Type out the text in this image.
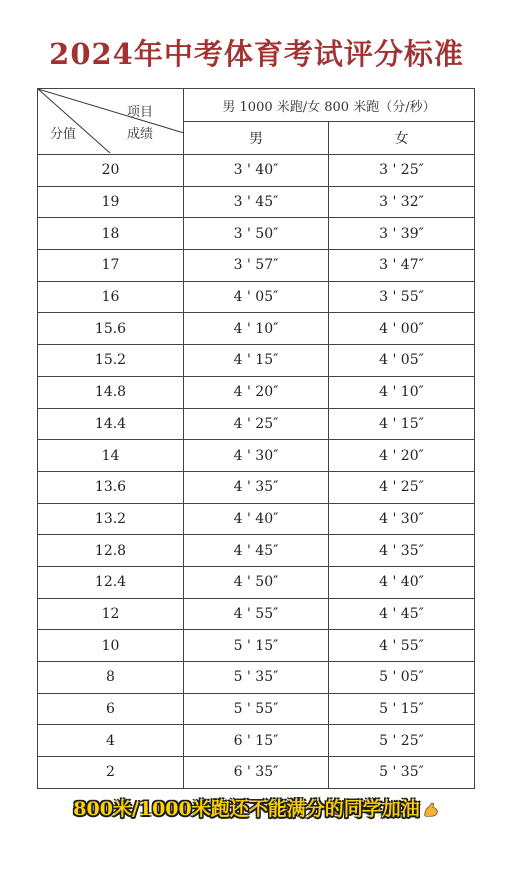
2024年中考体育考试评分标准
项目
分值 成绩	男 1000 米跑/女 800 米跑（分/秒）	
	男	女
20	3 ' 40″	3 ' 25″
19	3 ' 45″	3 ' 32″
18	3 ' 50″	3 ' 39″
17	3 ' 57″	3 ' 47″
16	4 ' 05″	3 ' 55″
15.6	4 ' 10″	4 ' 00″
15.2	4 ' 15″	4 ' 05″
14.8	4 ' 20″	4 ' 10″
14.4	4 ' 25″	4 ' 15″
14	4 ' 30″	4 ' 20″
13.6	4 ' 35″	4 ' 25″
13.2	4 ' 40″	4 ' 30″
12.8	4 ' 45″	4 ' 35″
12.4	4 ' 50″	4 ' 40″
12	4 ' 55″	4 ' 45″
10	5 ' 15″	4 ' 55″
8	5 ' 35″	5 ' 05″
6	5 ' 55″	5 ' 15″
4	6 ' 15″	5 ' 25″
2	6 ' 35″	5 ' 35″
800米/1000米跑还不能满分的同学加油
